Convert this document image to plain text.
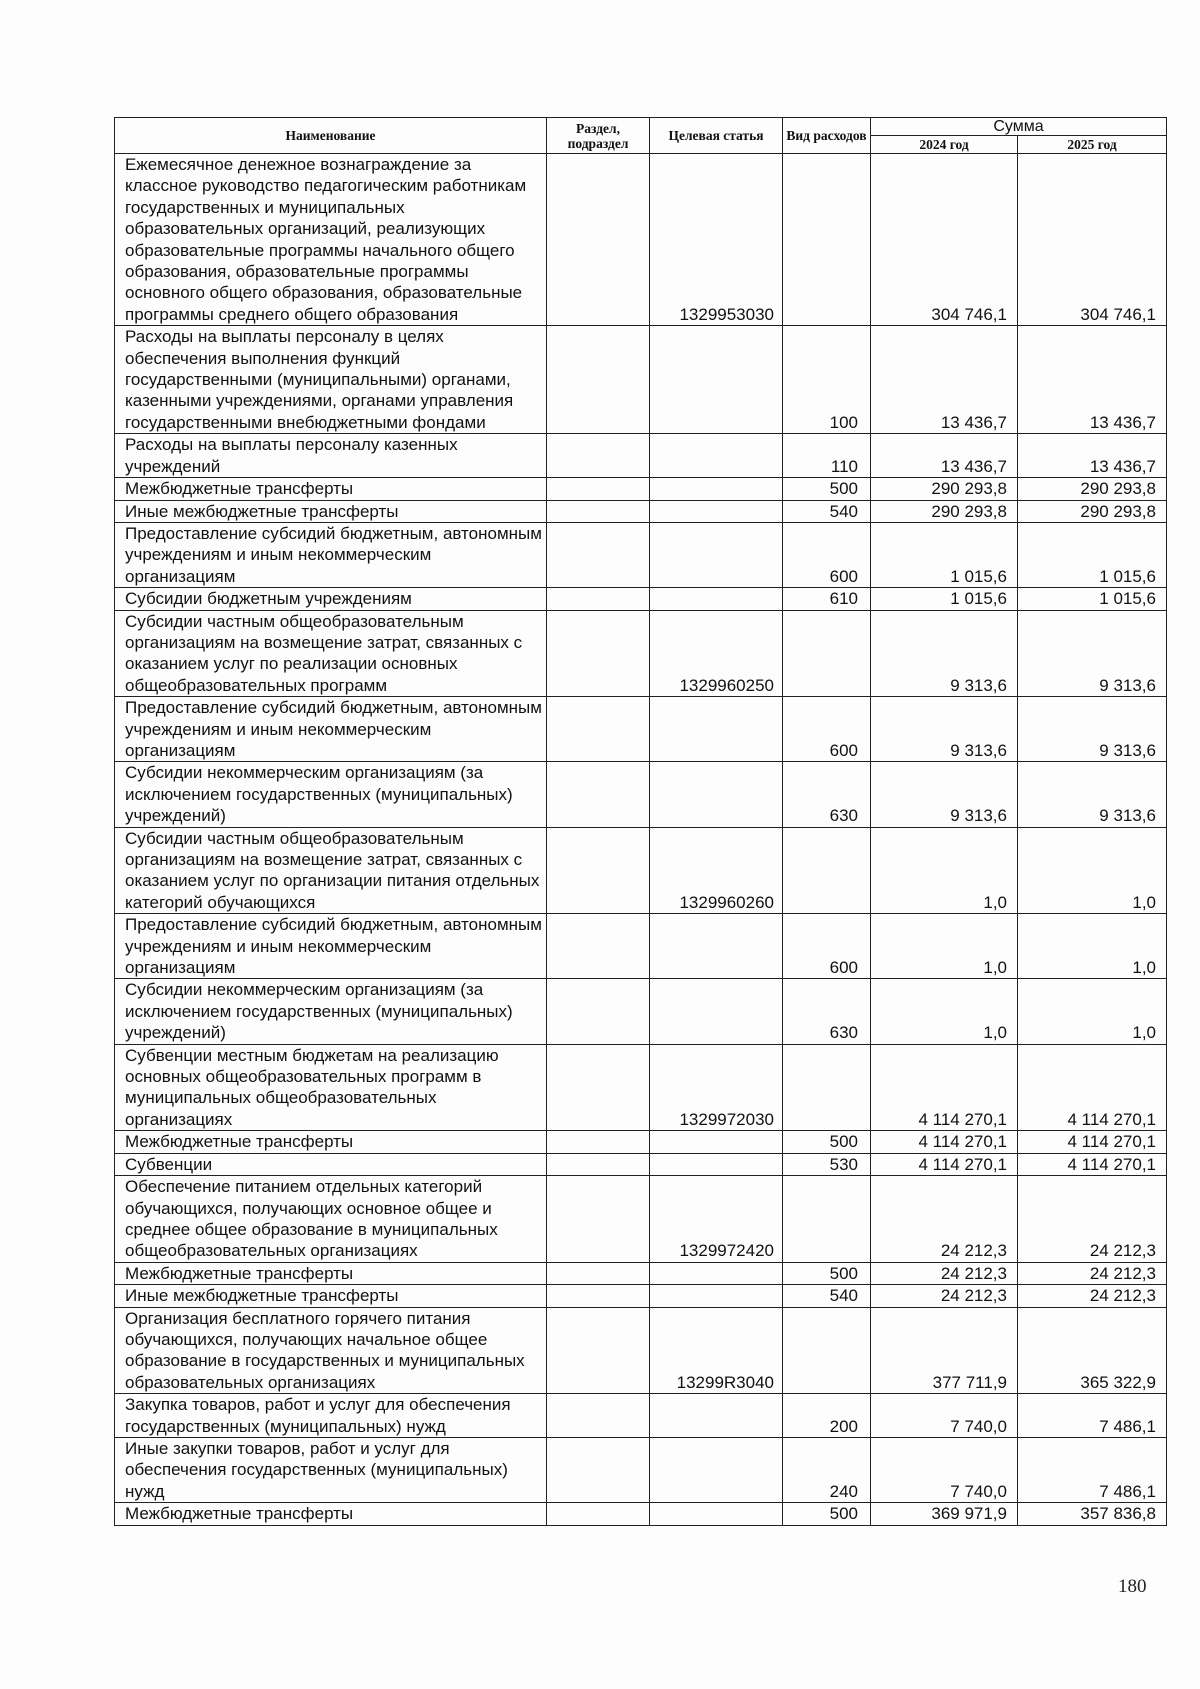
Наименование	Раздел, подраздел	Целевая статья	Вид расходов	Сумма	
				2024 год	2025 год
Ежемесячное денежное вознаграждение за классное руководство педагогическим работникам государственных и муниципальных образовательных организаций, реализующих образовательные программы начального общего образования, образовательные программы основного общего образования, образовательные программы среднего общего образования		1329953030		304 746,1	304 746,1
Расходы на выплаты персоналу в целях обеспечения выполнения функций государственными (муниципальными) органами, казенными учреждениями, органами управления государственными внебюджетными фондами			100	13 436,7	13 436,7
Расходы на выплаты персоналу казенных учреждений			110	13 436,7	13 436,7
Межбюджетные трансферты			500	290 293,8	290 293,8
Иные межбюджетные трансферты			540	290 293,8	290 293,8
Предоставление субсидий бюджетным, автономным учреждениям и иным некоммерческим организациям			600	1 015,6	1 015,6
Субсидии бюджетным учреждениям			610	1 015,6	1 015,6
Субсидии частным общеобразовательным организациям на возмещение затрат, связанных с оказанием услуг по реализации основных общеобразовательных программ		1329960250		9 313,6	9 313,6
Предоставление субсидий бюджетным, автономным учреждениям и иным некоммерческим организациям			600	9 313,6	9 313,6
Субсидии некоммерческим организациям (за исключением государственных (муниципальных) учреждений)			630	9 313,6	9 313,6
Субсидии частным общеобразовательным организациям на возмещение затрат, связанных с оказанием услуг по организации питания отдельных категорий обучающихся		1329960260		1,0	1,0
Предоставление субсидий бюджетным, автономным учреждениям и иным некоммерческим организациям			600	1,0	1,0
Субсидии некоммерческим организациям (за исключением государственных (муниципальных) учреждений)			630	1,0	1,0
Субвенции местным бюджетам на реализацию основных общеобразовательных программ в муниципальных общеобразовательных организациях		1329972030		4 114 270,1	4 114 270,1
Межбюджетные трансферты			500	4 114 270,1	4 114 270,1
Субвенции			530	4 114 270,1	4 114 270,1
Обеспечение питанием отдельных категорий обучающихся, получающих основное общее и среднее общее образование в муниципальных общеобразовательных организациях		1329972420		24 212,3	24 212,3
Межбюджетные трансферты			500	24 212,3	24 212,3
Иные межбюджетные трансферты			540	24 212,3	24 212,3
Организация бесплатного горячего питания обучающихся, получающих начальное общее образование в государственных и муниципальных образовательных организациях		13299R3040		377 711,9	365 322,9
Закупка товаров, работ и услуг для обеспечения государственных (муниципальных) нужд			200	7 740,0	7 486,1
Иные закупки товаров, работ и услуг для обеспечения государственных (муниципальных) нужд			240	7 740,0	7 486,1
Межбюджетные трансферты			500	369 971,9	357 836,8
180
